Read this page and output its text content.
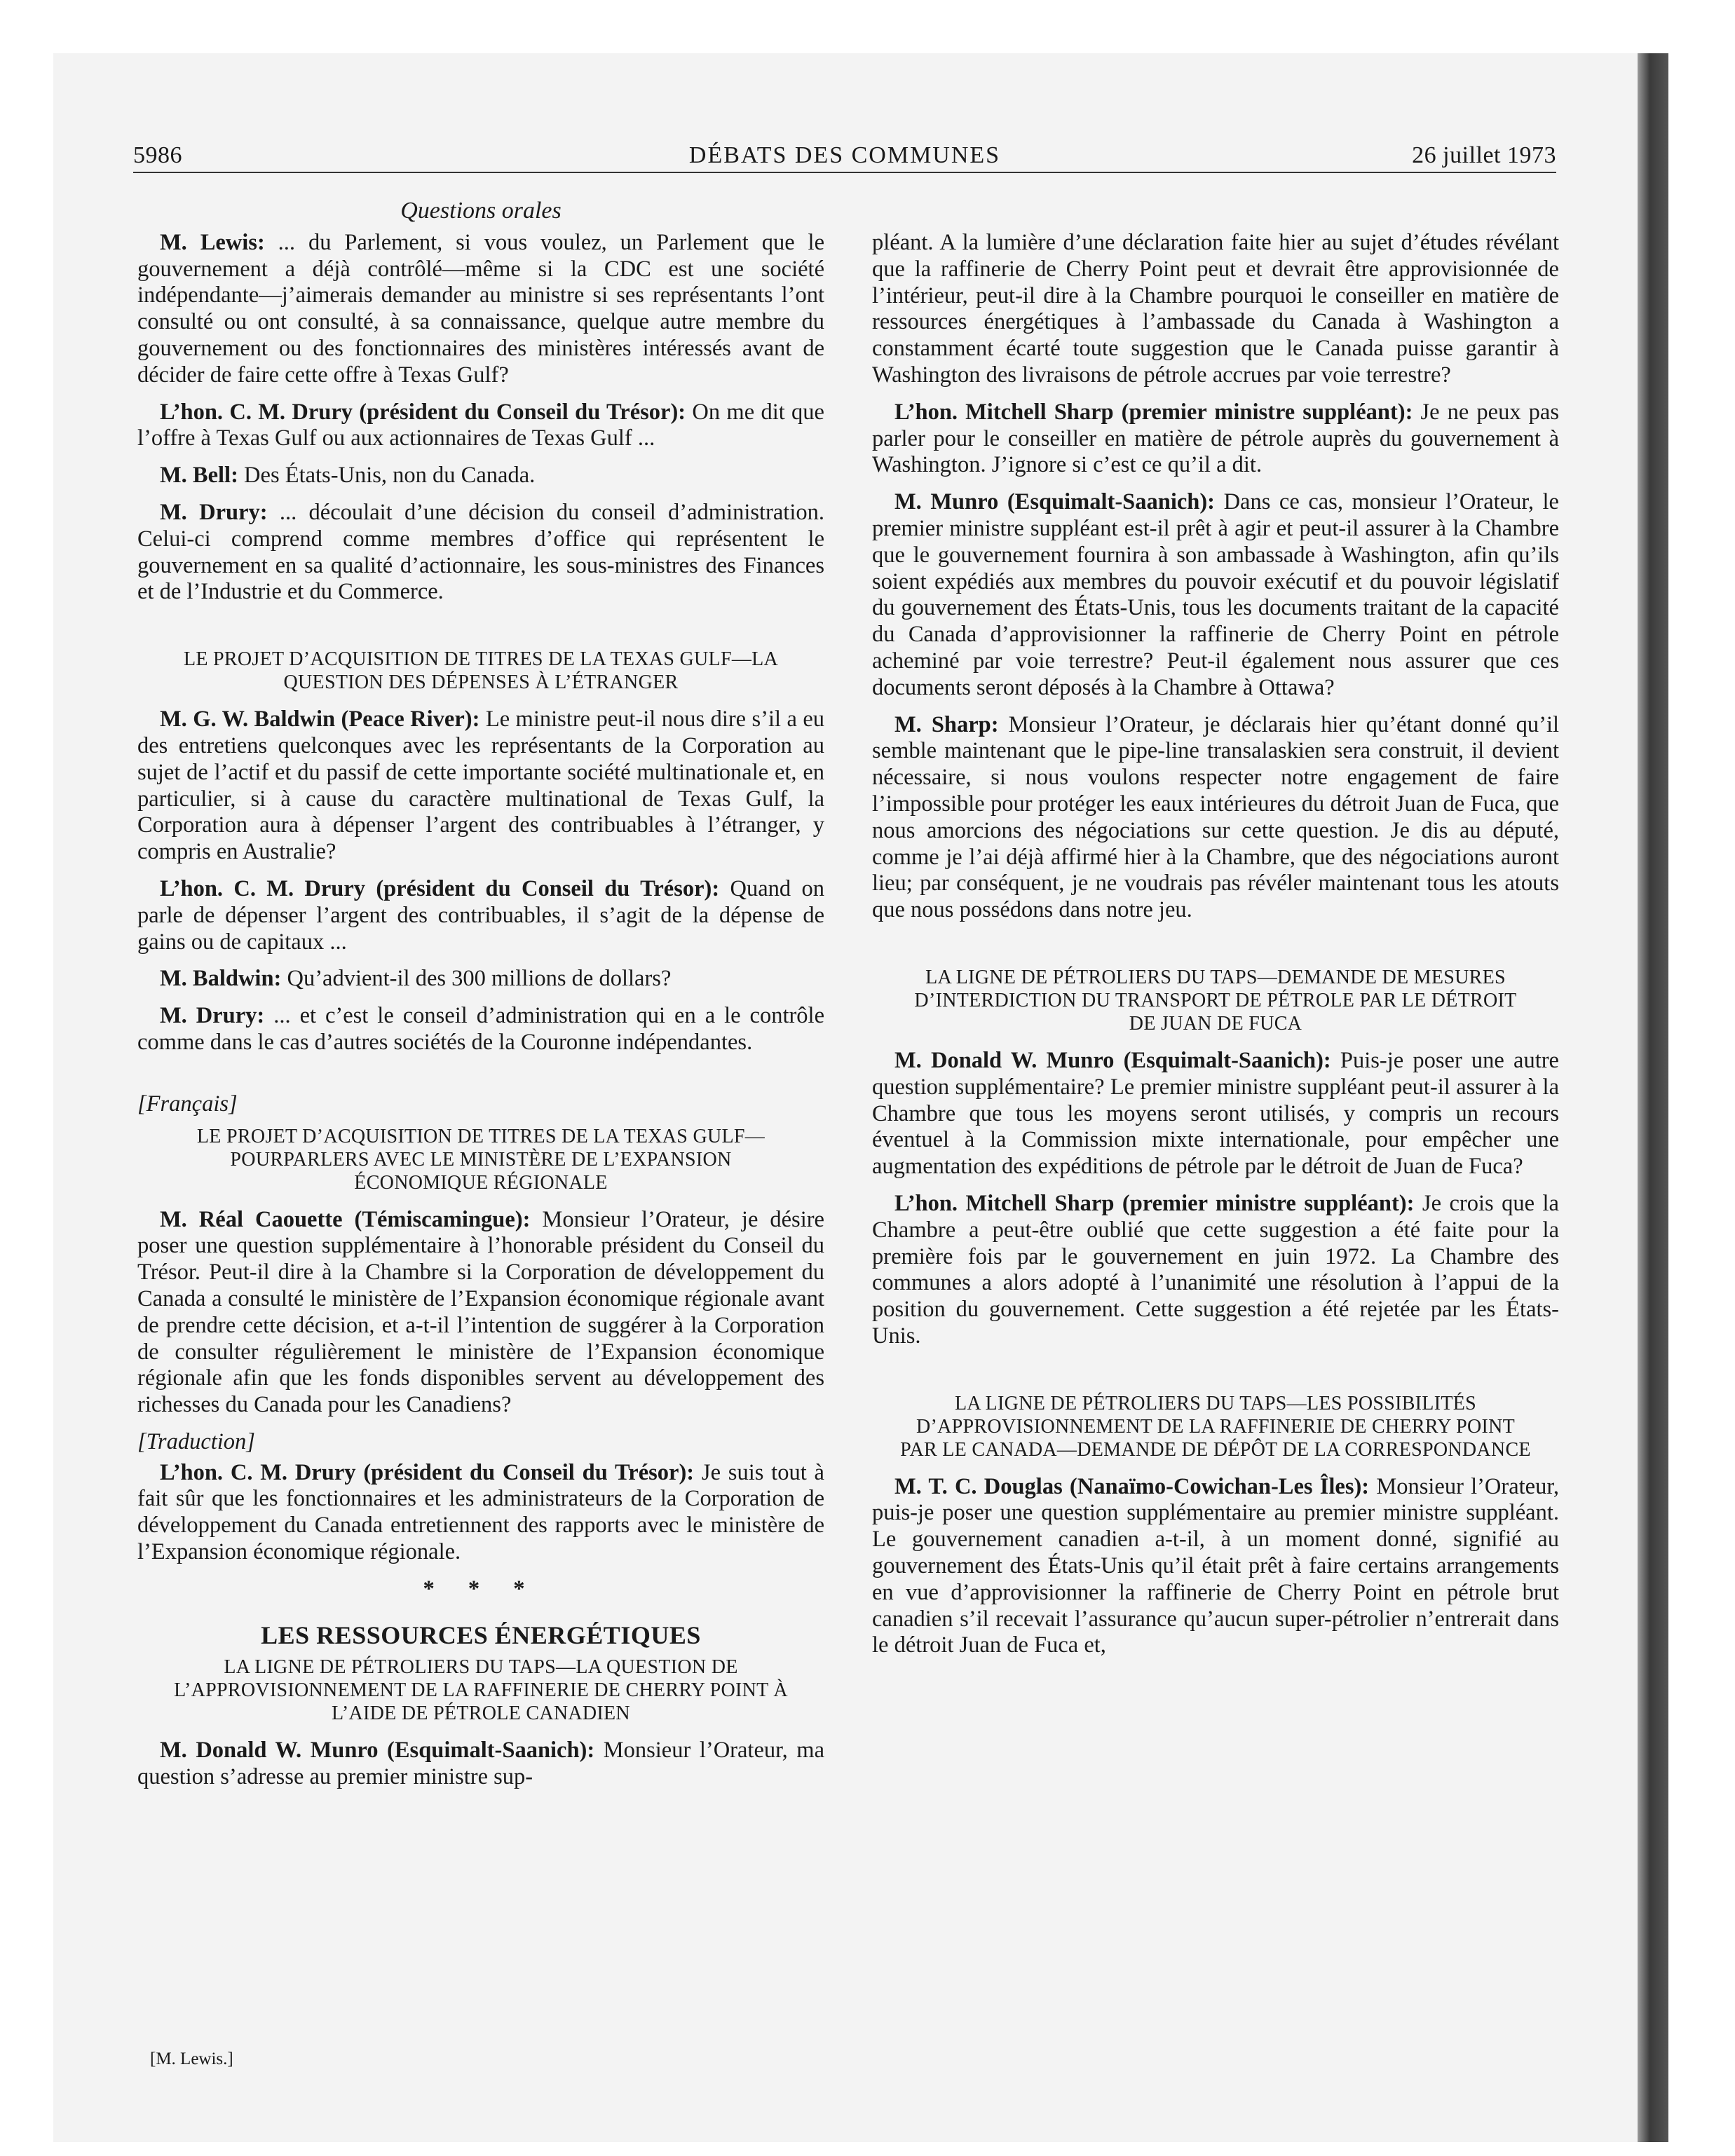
5986	DÉBATS DES COMMUNES	26 juillet 1973
Questions orales

M. Lewis: ... du Parlement, si vous voulez, un Parlement que le gouvernement a déjà contrôlé—même si la CDC est une société indépendante—j’aimerais demander au ministre si ses représentants l’ont consulté ou ont consulté, à sa connaissance, quelque autre membre du gouvernement ou des fonctionnaires des ministères intéressés avant de décider de faire cette offre à Texas Gulf?

L’hon. C. M. Drury (président du Conseil du Trésor): On me dit que l’offre à Texas Gulf ou aux actionnaires de Texas Gulf ...

M. Bell: Des États-Unis, non du Canada.

M. Drury: ... découlait d’une décision du conseil d’administration. Celui-ci comprend comme membres d’office qui représentent le gouvernement en sa qualité d’actionnaire, les sous-ministres des Finances et de l’Industrie et du Commerce.

LE PROJET D’ACQUISITION DE TITRES DE LA TEXAS GULF—LA QUESTION DES DÉPENSES À L’ÉTRANGER

M. G. W. Baldwin (Peace River): Le ministre peut-il nous dire s’il a eu des entretiens quelconques avec les représentants de la Corporation au sujet de l’actif et du passif de cette importante société multinationale et, en particulier, si à cause du caractère multinational de Texas Gulf, la Corporation aura à dépenser l’argent des contribuables à l’étranger, y compris en Australie?

L’hon. C. M. Drury (président du Conseil du Trésor): Quand on parle de dépenser l’argent des contribuables, il s’agit de la dépense de gains ou de capitaux ...

M. Baldwin: Qu’advient-il des 300 millions de dollars?

M. Drury: ... et c’est le conseil d’administration qui en a le contrôle comme dans le cas d’autres sociétés de la Couronne indépendantes.

[Français]
LE PROJET D’ACQUISITION DE TITRES DE LA TEXAS GULF—POURPARLERS AVEC LE MINISTÈRE DE L’EXPANSION ÉCONOMIQUE RÉGIONALE

M. Réal Caouette (Témiscamingue): Monsieur l’Orateur, je désire poser une question supplémentaire à l’honorable président du Conseil du Trésor. Peut-il dire à la Chambre si la Corporation de développement du Canada a consulté le ministère de l’Expansion économique régionale avant de prendre cette décision, et a-t-il l’intention de suggérer à la Corporation de consulter régulièrement le ministère de l’Expansion économique régionale afin que les fonds disponibles servent au développement des richesses du Canada pour les Canadiens?

[Traduction]

L’hon. C. M. Drury (président du Conseil du Trésor): Je suis tout à fait sûr que les fonctionnaires et les administrateurs de la Corporation de développement du Canada entretiennent des rapports avec le ministère de l’Expansion économique régionale.

* * *
LES RESSOURCES ÉNERGÉTIQUES
LA LIGNE DE PÉTROLIERS DU TAPS—LA QUESTION DE L’APPROVISIONNEMENT DE LA RAFFINERIE DE CHERRY POINT À L’AIDE DE PÉTROLE CANADIEN

M. Donald W. Munro (Esquimalt-Saanich): Monsieur l’Orateur, ma question s’adresse au premier ministre sup-

[M. Lewis.]

pléant. A la lumière d’une déclaration faite hier au sujet d’études révélant que la raffinerie de Cherry Point peut et devrait être approvisionnée de l’intérieur, peut-il dire à la Chambre pourquoi le conseiller en matière de ressources énergétiques à l’ambassade du Canada à Washington a constamment écarté toute suggestion que le Canada puisse garantir à Washington des livraisons de pétrole accrues par voie terrestre?

L’hon. Mitchell Sharp (premier ministre suppléant): Je ne peux pas parler pour le conseiller en matière de pétrole auprès du gouvernement à Washington. J’ignore si c’est ce qu’il a dit.

M. Munro (Esquimalt-Saanich): Dans ce cas, monsieur l’Orateur, le premier ministre suppléant est-il prêt à agir et peut-il assurer à la Chambre que le gouvernement fournira à son ambassade à Washington, afin qu’ils soient expédiés aux membres du pouvoir exécutif et du pouvoir législatif du gouvernement des États-Unis, tous les documents traitant de la capacité du Canada d’approvisionner la raffinerie de Cherry Point en pétrole acheminé par voie terrestre? Peut-il également nous assurer que ces documents seront déposés à la Chambre à Ottawa?

M. Sharp: Monsieur l’Orateur, je déclarais hier qu’étant donné qu’il semble maintenant que le pipe-line transalaskien sera construit, il devient nécessaire, si nous voulons respecter notre engagement de faire l’impossible pour protéger les eaux intérieures du détroit Juan de Fuca, que nous amorcions des négociations sur cette question. Je dis au député, comme je l’ai déjà affirmé hier à la Chambre, que des négociations auront lieu; par conséquent, je ne voudrais pas révéler maintenant tous les atouts que nous possédons dans notre jeu.

LA LIGNE DE PÉTROLIERS DU TAPS—DEMANDE DE MESURES D’INTERDICTION DU TRANSPORT DE PÉTROLE PAR LE DÉTROIT DE JUAN DE FUCA

M. Donald W. Munro (Esquimalt-Saanich): Puis-je poser une autre question supplémentaire? Le premier ministre suppléant peut-il assurer à la Chambre que tous les moyens seront utilisés, y compris un recours éventuel à la Commission mixte internationale, pour empêcher une augmentation des expéditions de pétrole par le détroit de Juan de Fuca?

L’hon. Mitchell Sharp (premier ministre suppléant): Je crois que la Chambre a peut-être oublié que cette suggestion a été faite pour la première fois par le gouvernement en juin 1972. La Chambre des communes a alors adopté à l’unanimité une résolution à l’appui de la position du gouvernement. Cette suggestion a été rejetée par les États-Unis.

LA LIGNE DE PÉTROLIERS DU TAPS—LES POSSIBILITÉS D’APPROVISIONNEMENT DE LA RAFFINERIE DE CHERRY POINT PAR LE CANADA—DEMANDE DE DÉPÔT DE LA CORRESPONDANCE

M. T. C. Douglas (Nanaïmo-Cowichan-Les Îles): Monsieur l’Orateur, puis-je poser une question supplémentaire au premier ministre suppléant. Le gouvernement canadien a-t-il, à un moment donné, signifié au gouvernement des États-Unis qu’il était prêt à faire certains arrangements en vue d’approvisionner la raffinerie de Cherry Point en pétrole brut canadien s’il recevait l’assurance qu’aucun super-pétrolier n’entrerait dans le détroit Juan de Fuca et,
